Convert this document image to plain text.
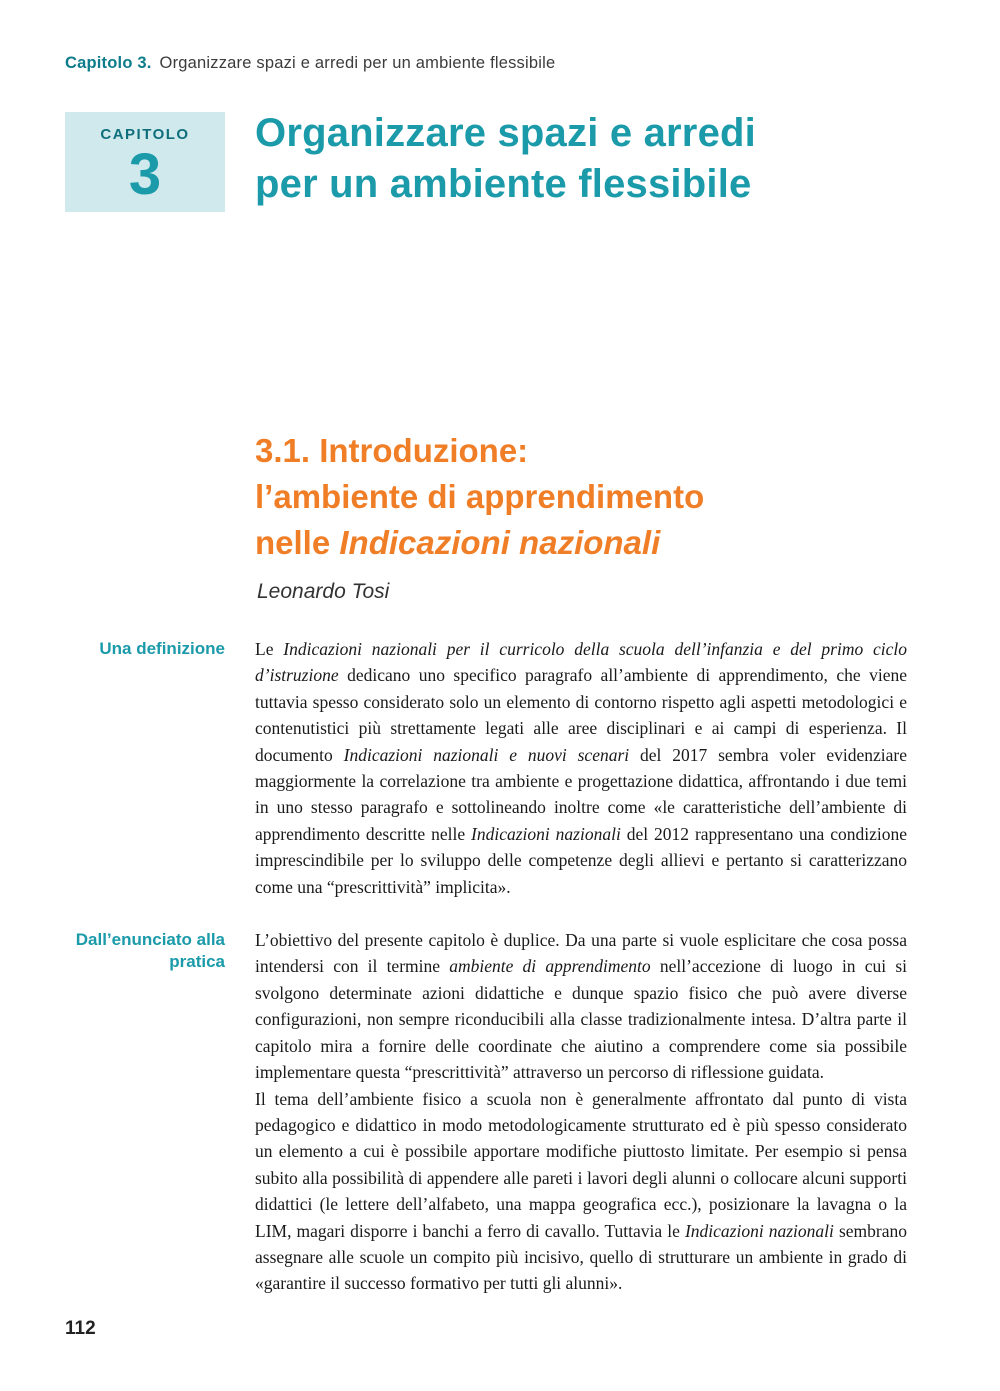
Capitolo 3. Organizzare spazi e arredi per un ambiente flessibile
CAPITOLO
3
Organizzare spazi e arredi
per un ambiente flessibile
3.1. Introduzione:
l’ambiente di apprendimento
nelle Indicazioni nazionali
Leonardo Tosi
Una definizione Le Indicazioni nazionali per il curricolo della scuola dell’infanzia e del primo ciclo d’istruzione dedicano uno specifico paragrafo all’ambiente di apprendimento, che viene tuttavia spesso considerato solo un elemento di contorno rispetto agli aspetti metodologici e contenutistici più strettamente legati alle aree disciplinari e ai campi di esperienza. Il documento Indicazioni nazionali e nuovi scenari del 2017 sembra voler evidenziare maggiormente la correlazione tra ambiente e progettazione didattica, affrontando i due temi in uno stesso paragrafo e sottolineando inoltre come «le caratteristiche dell’ambiente di apprendimento descritte nelle Indicazioni nazionali del 2012 rappresentano una condizione imprescindibile per lo sviluppo delle competenze degli allievi e pertanto si caratterizzano come una “prescrittività” implicita».

Dall’enunciato alla pratica

L’obiettivo del presente capitolo è duplice. Da una parte si vuole esplicitare che cosa possa intendersi con il termine ambiente di apprendimento nell’accezione di luogo in cui si svolgono determinate azioni didattiche e dunque spazio fisico che può avere diverse configurazioni, non sempre riconducibili alla classe tradizionalmente intesa. D’altra parte il capitolo mira a fornire delle coordinate che aiutino a comprendere come sia possibile implementare questa “prescrittività” attraverso un percorso di riflessione guidata.

Il tema dell’ambiente fisico a scuola non è generalmente affrontato dal punto di vista pedagogico e didattico in modo metodologicamente strutturato ed è più spesso considerato un elemento a cui è possibile apportare modifiche piuttosto limitate. Per esempio si pensa subito alla possibilità di appendere alle pareti i lavori degli alunni o collocare alcuni supporti didattici (le lettere dell’alfabeto, una mappa geografica ecc.), posizionare la lavagna o la LIM, magari disporre i banchi a ferro di cavallo. Tuttavia le Indicazioni nazionali sembrano assegnare alle scuole un compito più incisivo, quello di strutturare un ambiente in grado di «garantire il successo formativo per tutti gli alunni».

112
